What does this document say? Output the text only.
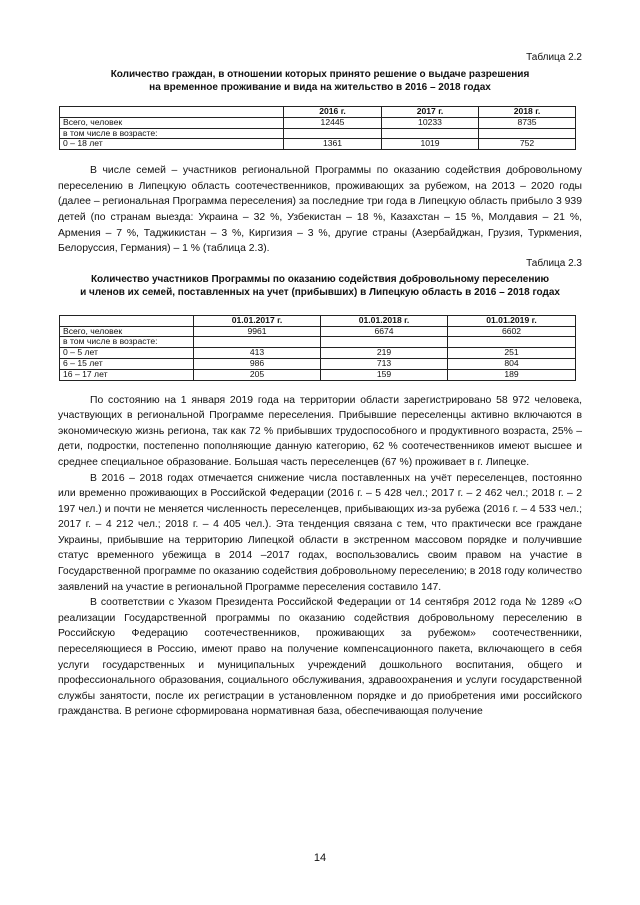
Таблица 2.2
Количество граждан, в отношении которых принято решение о выдаче разрешения
на временное проживание и вида на жительство в 2016 – 2018 годах
	2016 г.	2017 г.	2018 г.
Всего, человек	12445	10233	8735
в том числе в возрасте:			
0 – 18 лет	1361	1019	752

В числе семей – участников региональной Программы по оказанию содействия добровольному переселению в Липецкую область соотечественников, проживающих за рубежом, на 2013 – 2020 годы (далее – региональная Программа переселения) за последние три года в Липецкую область прибыло 3 939 детей (по странам выезда: Украина – 32 %, Узбекистан – 18 %, Казахстан – 15 %, Молдавия – 21 %, Армения – 7 %, Таджикистан – 3 %, Киргизия – 3 %, другие страны (Азербайджан, Грузия, Туркмения, Белоруссия, Германия) – 1 % (таблица 2.3).

Таблица 2.3
Количество участников Программы по оказанию содействия добровольному переселению
и членов их семей, поставленных на учет (прибывших) в Липецкую область в 2016 – 2018 годах
	01.01.2017 г.	01.01.2018 г.	01.01.2019 г.
Всего, человек	9961	6674	6602
в том числе в возрасте:			
0 – 5 лет	413	219	251
6 – 15 лет	986	713	804
16 – 17 лет	205	159	189

По состоянию на 1 января 2019 года на территории области зарегистрировано 58 972 человека, участвующих в региональной Программе переселения. Прибывшие переселенцы активно включаются в экономическую жизнь региона, так как 72 % прибывших трудоспособного и продуктивного возраста, 25% – дети, подростки, постепенно пополняющие данную категорию, 62 % соотечественников имеют высшее и среднее специальное образование. Большая часть переселенцев (67 %) проживает в г. Липецке.

В 2016 – 2018 годах отмечается снижение числа поставленных на учёт переселенцев, постоянно или временно проживающих в Российской Федерации (2016 г. – 5 428 чел.; 2017 г. – 2 462 чел.; 2018 г. – 2 197 чел.) и почти не меняется численность переселенцев, прибывающих из-за рубежа (2016 г. – 4 533 чел.; 2017 г. – 4 212 чел.; 2018 г. – 4 405 чел.). Эта тенденция связана с тем, что практически все граждане Украины, прибывшие на территорию Липецкой области в экстренном массовом порядке и получившие статус временного убежища в 2014 –2017 годах, воспользовались своим правом на участие в Государственной программе по оказанию содействия добровольному переселению; в 2018 году количество заявлений на участие в региональной Программе переселения составило 147.

В соответствии с Указом Президента Российской Федерации от 14 сентября 2012 года № 1289 «О реализации Государственной программы по оказанию содействия добровольному переселению в Российскую Федерацию соотечественников, проживающих за рубежом» соотечественники, переселяющиеся в Россию, имеют право на получение компенсационного пакета, включающего в себя услуги государственных и муниципальных учреждений дошкольного воспитания, общего и профессионального образования, социального обслуживания, здравоохранения и услуги государственной службы занятости, после их регистрации в установленном порядке и до приобретения ими российского гражданства. В регионе сформирована нормативная база, обеспечивающая получение

14
